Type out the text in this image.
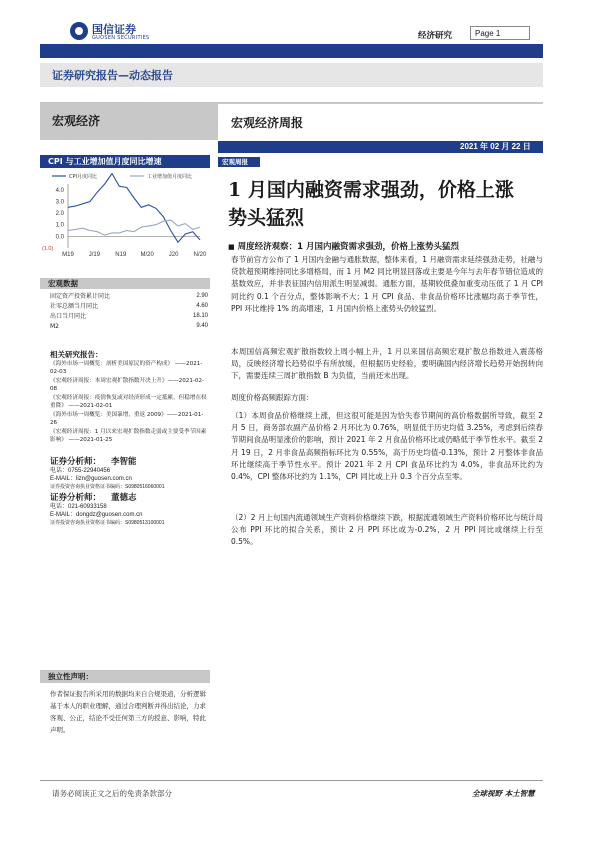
国信证券
GUOSEN SECURITIES	经济研究	Page 1
证券研究报告—动态报告
宏观经济	宏观经济周报
2021 年 02 月 22 日
CPI 与工业增加值月度同比增速
CPI月度同比	工业增加值月度同比
0.0
1.0
2.0
3.0
4.0
(1.0)
M19 J/19	N19 M/20 J20	N/20
宏观数据
固定资产投资累计同比	2.90
社零总额当月同比	4.60
出口当月同比	18.10
M2	9.40
相关研究报告：
《海外市场一周概览：剖析美国原民的资产构成》 ——2021-02-03
《宏观经济周报：本周宏观扩散指数开决上升》——2021-02-08
《宏观经济周报：疫情恢复或对经济形成一定抵累，但稳增在权重降》 ——2021-02-01
《海外市场一周概览：美国暴增，重返 2009》——2021-01-26
《宏观经济周报：1 月以来宏观扩散指数走弱或主要受季节因素影响》 ——2021-01-25
证券分析师： 李智能
电话：0755-22940456
E-MAIL：lizn@guosen.com.cn
证券投资咨询执业资格证书编码：S0980516060001
证券分析师： 董德志
电话：021-60933158
E-MAIL：dongdz@guosen.com.cn
证券投资咨询执业资格证书编码：S0980513100001
独立性声明：
作者保证报告所采用的数据均来自合规渠道，分析逻辑基于本人的职业理解，通过合理判断并得出结论，力求客观、公正，结论不受任何第三方的授意、影响，特此声明。
宏观周报
1 月国内融资需求强劲，价格上涨
势头猛烈
■ 周度经济观察：1 月国内融资需求强劲，价格上涨势头猛烈
春节前官方公布了 1 月国内金融与通胀数据，整体来看，1 月融资需求延续强劲走势，社融与贷款超预期维持同比多增格局，而 1 月 M2 同比明显回落或主要是今年与去年春节错位造成的基数效应，并非表征国内信用派生明显减弱。通胀方面，基期较低叠加重变动压低了 1 月 CPI 同比约 0.1 个百分点，整体影响不大；1 月 CPI 食品、非食品价格环比涨幅均高于季节性，PPI 环比维持 1% 的高增速，1 月国内价格上涨势头仍较猛烈。
本周国信高频宏观扩散指数较上周小幅上升，1 月以来国信高频宏观扩散总指数进入震荡格局，反映经济增长趋势似乎有所放缓，但根据历史经验，要明确国内经济增长趋势开始拐转向下，需要连续三周扩散指数 B 为负值，当前还未出现。
周度价格高频跟踪方面：
（1）本周食品价格继续上涨，但这很可能是因为恰失春节期间的高价格数据所导致，截至 2 月 5 日，商务部农副产品价格 2 月环比为 0.76%，明显低于历史均值 3.25%，考虑到后续春节期间食品明显涨价的影响，预计 2021 年 2 月食品价格环比或仍略低于季节性水平。截至 2 月 19 日，2 月非食品高频指标环比为 0.55%，高于历史均值-0.13%，预计 2 月整体非食品环比继续高于季节性水平。预计 2021 年 2 月 CPI 食品环比约为 4.0%，非食品环比约为 0.4%，CPI 整体环比约为 1.1%，CPI 同比或上升 0.3 个百分点至零。
（2）2 月上旬国内流通领域生产资料价格继续下跌，根据流通领域生产资料价格环比与统计局公布 PPI 环比的拟合关系，预计 2 月 PPI 环比或为-0.2%，2 月 PPI 同比或继续上行至 0.5%。
请务必阅读正文之后的免责条款部分	全球视野 本土智慧
